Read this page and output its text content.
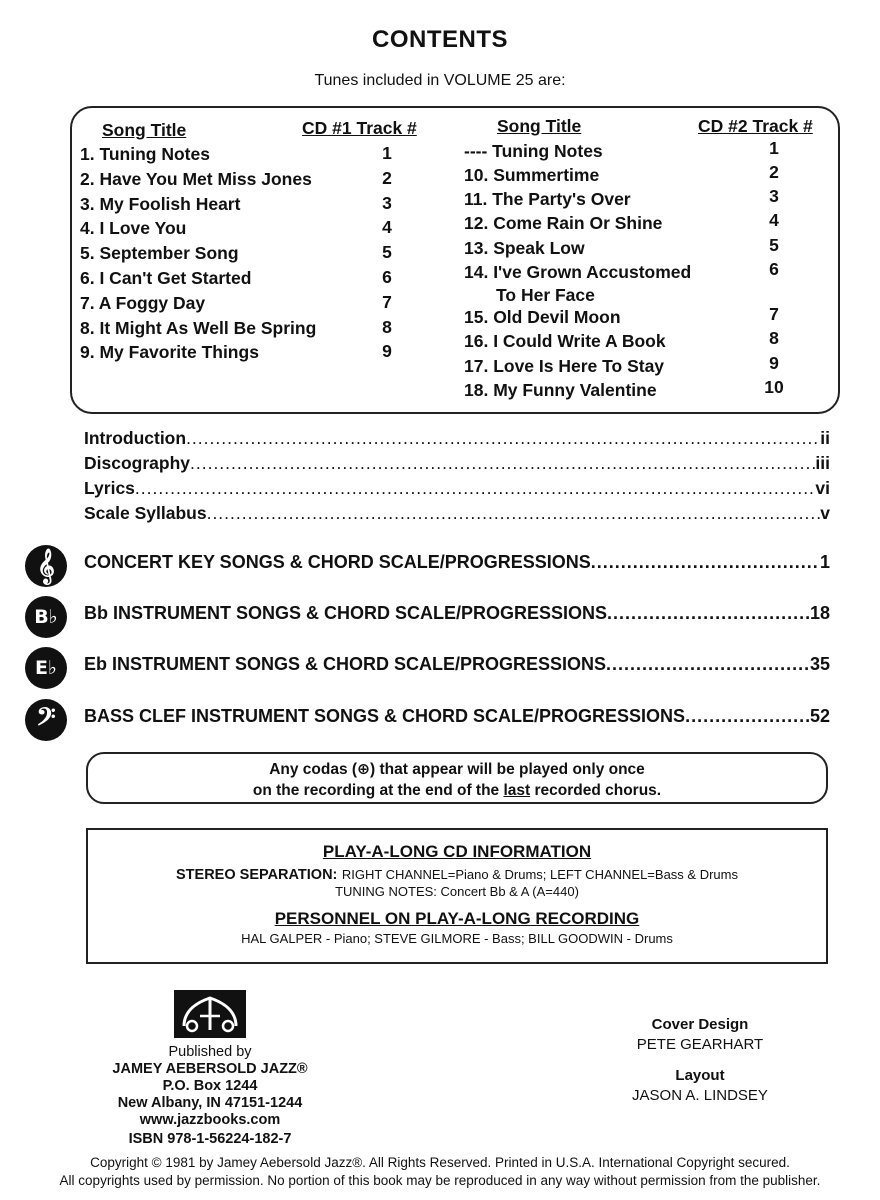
CONTENTS
Tunes included in VOLUME 25 are:
Song Title	CD #1 Track #	Song Title	CD #2 Track #
1. Tuning Notes	1
2. Have You Met Miss Jones	2
3. My Foolish Heart	3
4. I Love You	4
5. September Song	5
6. I Can't Get Started	6
7. A Foggy Day	7
8. It Might As Well Be Spring	8
9. My Favorite Things	9
---- Tuning Notes	1
10. Summertime	2
11. The Party's Over	3
12. Come Rain Or Shine	4
13. Speak Low	5
14. I've Grown Accustomed	6
To Her Face
15. Old Devil Moon	7
16. I Could Write A Book	8
17. Love Is Here To Stay	9
18. My Funny Valentine	10
Introduction .....	ii
Discography .....	iii
Lyrics .....	vi
Scale Syllabus .....	v
𝄞	CONCERT KEY SONGS & CHORD SCALE/PROGRESSIONS .....	1
B♭	Bb INSTRUMENT SONGS & CHORD SCALE/PROGRESSIONS .....	18
E♭	Eb INSTRUMENT SONGS & CHORD SCALE/PROGRESSIONS .....	35
𝄢	BASS CLEF INSTRUMENT SONGS & CHORD SCALE/PROGRESSIONS .....	52
Any codas (⊕) that appear will be played only once
on the recording at the end of the last recorded chorus.
PLAY-A-LONG CD INFORMATION
STEREO SEPARATION: RIGHT CHANNEL=Piano & Drums; LEFT CHANNEL=Bass & Drums
TUNING NOTES: Concert Bb & A (A=440)
PERSONNEL ON PLAY-A-LONG RECORDING
HAL GALPER - Piano; STEVE GILMORE - Bass; BILL GOODWIN - Drums
Published by
JAMEY AEBERSOLD JAZZ®
P.O. Box 1244
New Albany, IN 47151-1244
www.jazzbooks.com
ISBN 978-1-56224-182-7
Cover Design
PETE GEARHART
Layout
JASON A. LINDSEY
Copyright © 1981 by Jamey Aebersold Jazz®. All Rights Reserved. Printed in U.S.A. International Copyright secured.
All copyrights used by permission. No portion of this book may be reproduced in any way without permission from the publisher.
